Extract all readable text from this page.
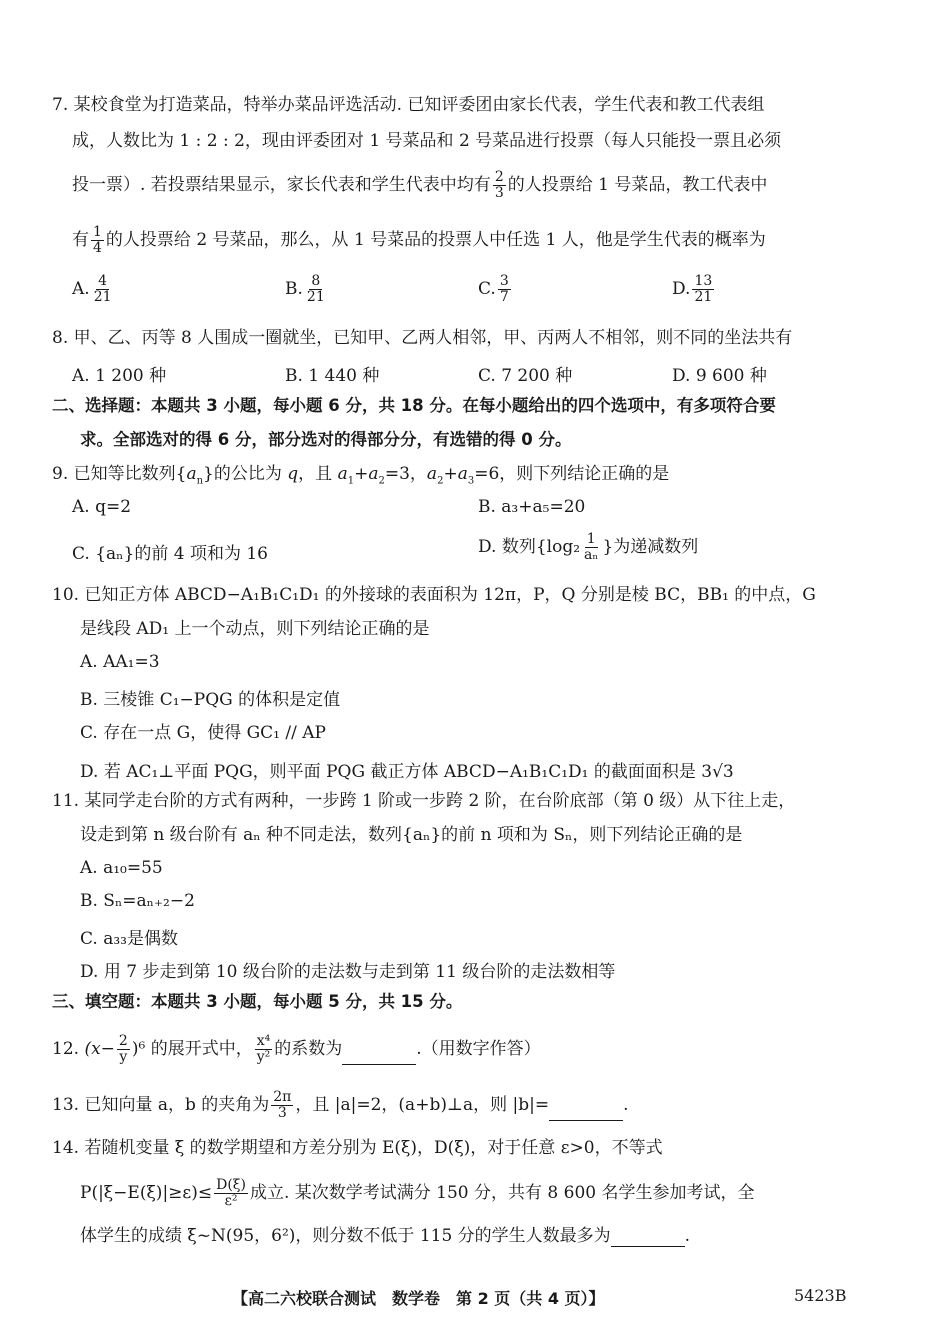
7. 某校食堂为打造菜品，特举办菜品评选活动. 已知评委团由家长代表，学生代表和教工代表组
成，人数比为 1 : 2 : 2，现由评委团对 1 号菜品和 2 号菜品进行投票（每人只能投一票且必须
投一票）. 若投票结果显示，家长代表和学生代表中均有 $\frac{2}{3}$ 的人投票给 1 号菜品，教工代表中
有 $\frac{1}{4}$ 的人投票给 2 号菜品，那么，从 1 号菜品的投票人中任选 1 人，他是学生代表的概率为
A. $\frac{4}{21}$	B. $\frac{8}{21}$	C. $\frac{3}{7}$	D. $\frac{13}{21}$
8. 甲、乙、丙等 8 人围成一圈就坐，已知甲、乙两人相邻，甲、丙两人不相邻，则不同的坐法共有
A. 1 200 种	B. 1 440 种	C. 7 200 种	D. 9 600 种
二、选择题：本题共 3 小题，每小题 6 分，共 18 分。在每小题给出的四个选项中，有多项符合要
求。全部选对的得 6 分，部分选对的得部分分，有选错的得 0 分。
9. 已知等比数列$\{a_n\}$的公比为 q，且 $a_1+a_2=3$，$a_2+a_3=6$，则下列结论正确的是
A. q=2	B. a₃+a₅=20
C. {aₙ}的前 4 项和为 16	D. 数列{$\log_2 \frac{1}{\text{aₙ}}$ }为递减数列
10. 已知正方体 ABCD−A₁B₁C₁D₁ 的外接球的表面积为 12π，P，Q 分别是棱 BC，BB₁ 的中点，G
是线段 AD₁ 上一个动点，则下列结论正确的是
A. AA₁=3
B. 三棱锥 C₁−PQG 的体积是定值
C. 存在一点 G，使得 GC₁ // AP
D. 若 AC₁⊥平面 PQG，则平面 PQG 截正方体 ABCD−A₁B₁C₁D₁ 的截面面积是 3√3
11. 某同学走台阶的方式有两种，一步跨 1 阶或一步跨 2 阶，在台阶底部（第 0 级）从下往上走，
设走到第 n 级台阶有 aₙ 种不同走法，数列{aₙ}的前 n 项和为 Sₙ，则下列结论正确的是
A. a₁₀=55
B. Sₙ=aₙ₊₂−2
C. a₃₃是偶数
D. 用 7 步走到第 10 级台阶的走法数与走到第 11 级台阶的走法数相等
三、填空题：本题共 3 小题，每小题 5 分，共 15 分。
12. $(x- \frac{2}{y} )^6$ 的展开式中， $\frac{\text{x⁴}}{\text{y²}}$ 的系数为	.（用数字作答）
13. 已知向量 a，b 的夹角为 $\frac{2\pi}{3}$ ，且 |a|=2，(a+b)⊥a，则 |b|=	.
14. 若随机变量 ξ 的数学期望和方差分别为 E(ξ)，D(ξ)，对于任意 ε>0，不等式
$P(|\xi-E(\xi)|\ge\varepsilon)\le \frac{D(\xi)}{\text{ε²}}$ 成立. 某次数学考试满分 150 分，共有 8 600 名学生参加考试，全
体学生的成绩 ξ~N(95，6²)，则分数不低于 115 分的学生人数最多为	.
【高二六校联合测试　数学卷　第 2 页（共 4 页）】	5423B
